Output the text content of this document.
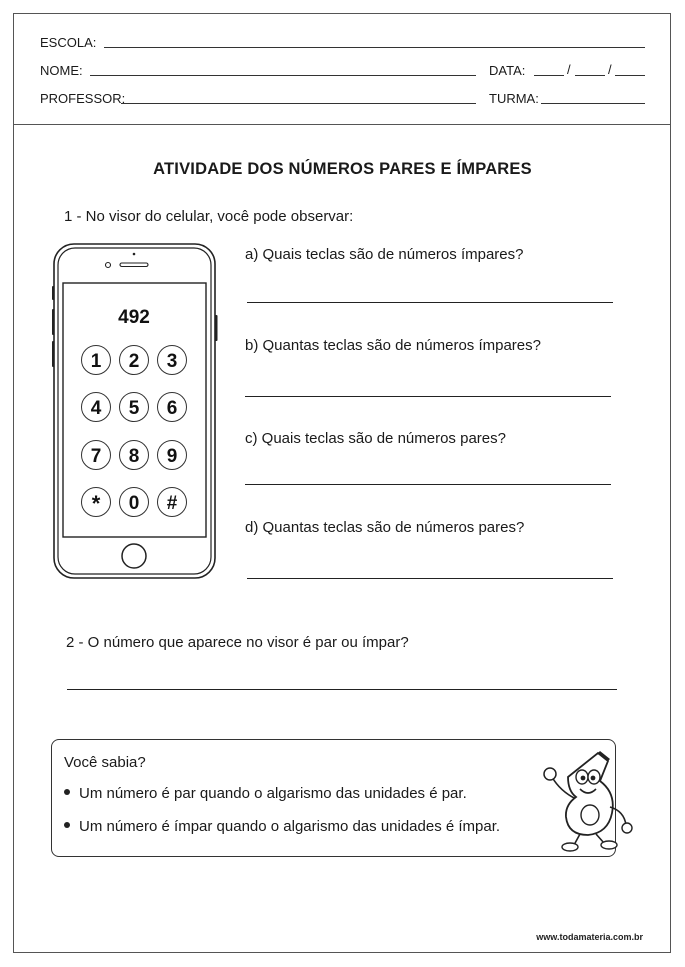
ESCOLA:
NOME:	DATA:	/	/
PROFESSOR:	TURMA:
ATIVIDADE DOS NÚMEROS PARES E ÍMPARES
1 - No visor do celular, você pode observar:
492
1 2 3
4 5 6
7 8 9
* 0 #
a) Quais teclas são de números ímpares?
b) Quantas teclas são de números ímpares?
c) Quais teclas são de números pares?
d) Quantas teclas são de números pares?
2 - O número que aparece no visor é par ou ímpar?
Você sabia?
Um número é par quando o algarismo das unidades é par.
Um número é ímpar quando o algarismo das unidades é ímpar.
www.todamateria.com.br
